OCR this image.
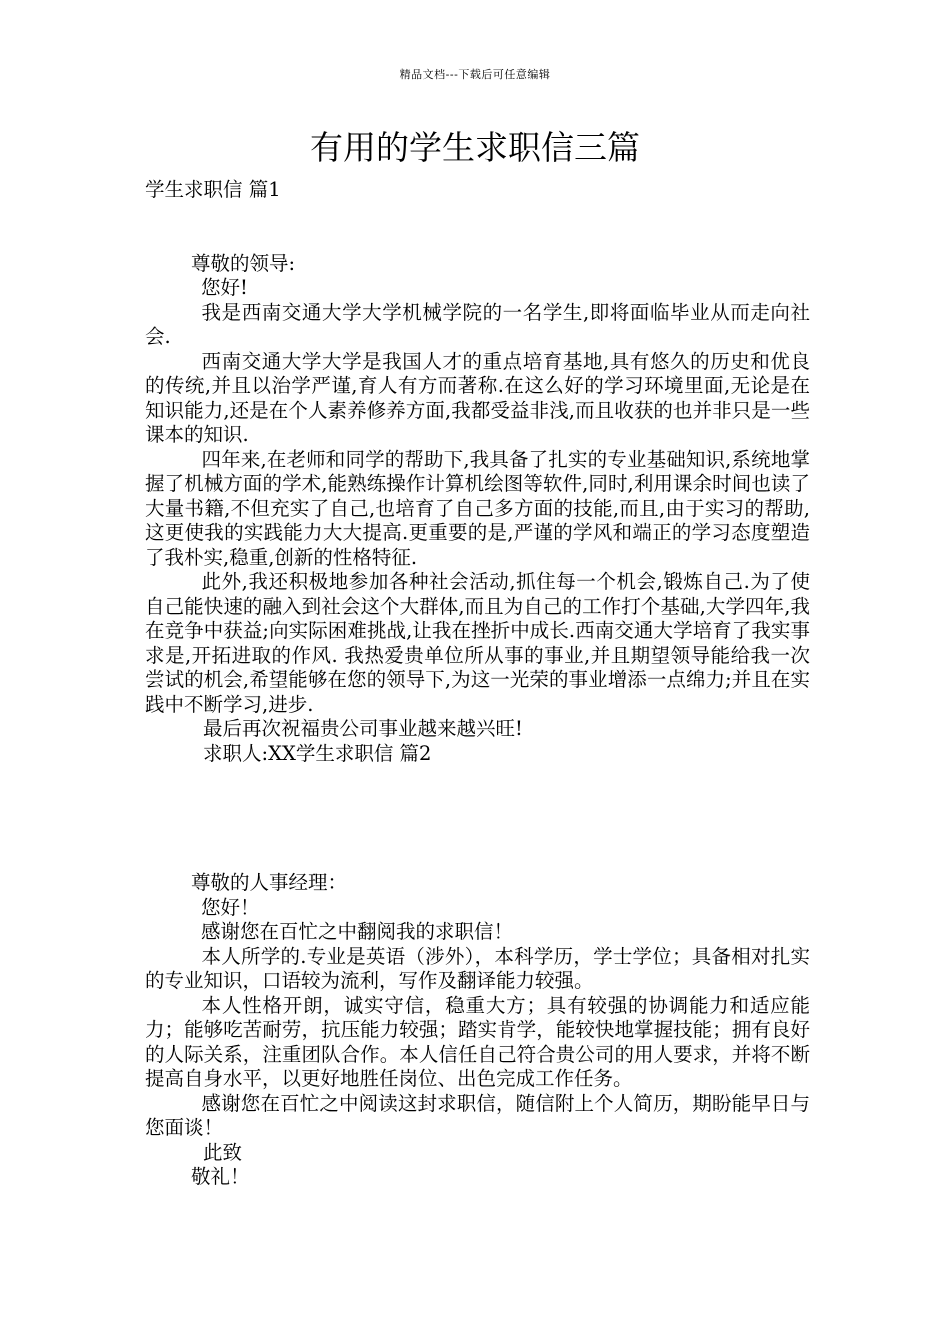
精品文档---下载后可任意编辑
有用的学生求职信三篇
学生求职信 篇1
尊敬的领导:
您好!
我是西南交通大学大学机械学院的一名学生,即将面临毕业从而走向社会.
西南交通大学大学是我国人才的重点培育基地,具有悠久的历史和优良的传统,并且以治学严谨,育人有方而著称.在这么好的学习环境里面,无论是在知识能力,还是在个人素养修养方面,我都受益非浅,而且收获的也并非只是一些课本的知识.
四年来,在老师和同学的帮助下,我具备了扎实的专业基础知识,系统地掌握了机械方面的学术,能熟练操作计算机绘图等软件,同时,利用课余时间也读了大量书籍,不但充实了自己,也培育了自己多方面的技能,而且,由于实习的帮助,这更使我的实践能力大大提高.更重要的是,严谨的学风和端正的学习态度塑造了我朴实,稳重,创新的性格特征.
此外,我还积极地参加各种社会活动,抓住每一个机会,锻炼自己.为了使自己能快速的融入到社会这个大群体,而且为自己的工作打个基础,大学四年,我在竞争中获益;向实际困难挑战,让我在挫折中成长.西南交通大学培育了我实事求是,开拓进取的作风. 我热爱贵单位所从事的事业,并且期望领导能给我一次尝试的机会,希望能够在您的领导下,为这一光荣的事业增添一点绵力;并且在实践中不断学习,进步.
最后再次祝福贵公司事业越来越兴旺!
求职人:XX学生求职信 篇2
尊敬的人事经理：
您好！
感谢您在百忙之中翻阅我的求职信！
本人所学的.专业是英语（涉外），本科学历，学士学位；具备相对扎实的专业知识，口语较为流利，写作及翻译能力较强。
本人性格开朗，诚实守信，稳重大方；具有较强的协调能力和适应能力；能够吃苦耐劳，抗压能力较强；踏实肯学，能较快地掌握技能；拥有良好的人际关系，注重团队合作。本人信任自己符合贵公司的用人要求，并将不断提高自身水平，以更好地胜任岗位、出色完成工作任务。
感谢您在百忙之中阅读这封求职信，随信附上个人简历，期盼能早日与您面谈！
此致
敬礼！
